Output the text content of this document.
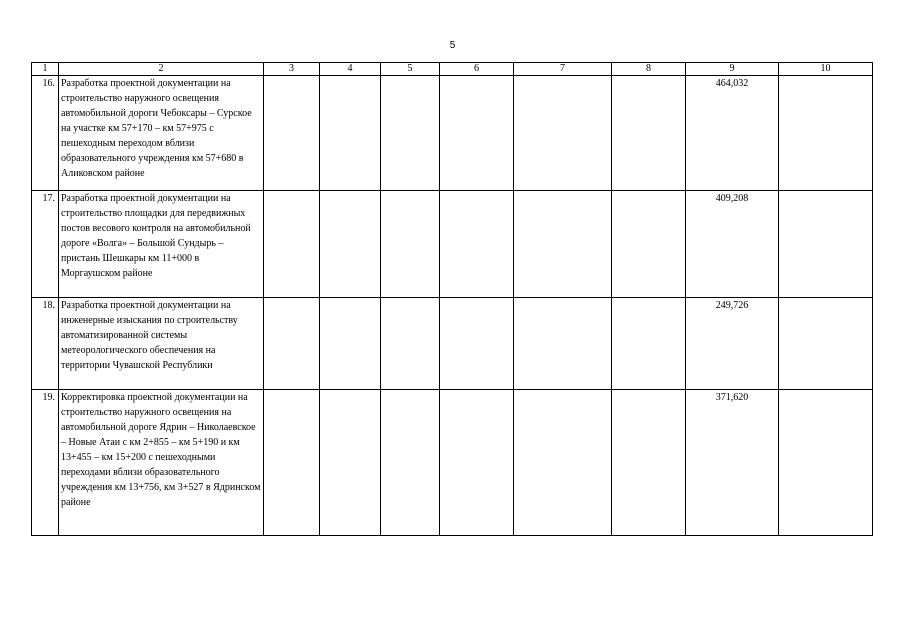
5
1	2	3	4	5	6	7	8	9	10
16.	Разработка проектной документации на строительство наружного освещения автомобильной дороги Чебоксары – Сурское на участке км 57+170 – км 57+975 с пешеходным переходом вблизи образовательного учреждения км 57+680 в Аликовском районе							464,032	
17.	Разработка проектной документации на строительство площадки для передвижных постов весового контроля на автомобильной дороге «Волга» – Большой Сундырь – пристань Шешкары км 11+000 в Моргаушском районе							409,208	
18.	Разработка проектной документации на инженерные изыскания по строительству автоматизированной системы метеорологического обеспечения на территории Чувашской Республики							249,726	
19.	Корректировка проектной документации на строительство наружного освещения на автомобильной дороге Ядрин – Николаевское – Новые Атаи с км 2+855 – км 5+190 и км 13+455 – км 15+200 с пешеходными переходами вблизи образовательного учреждения км 13+756, км 3+527 в Ядринском районе							371,620	
